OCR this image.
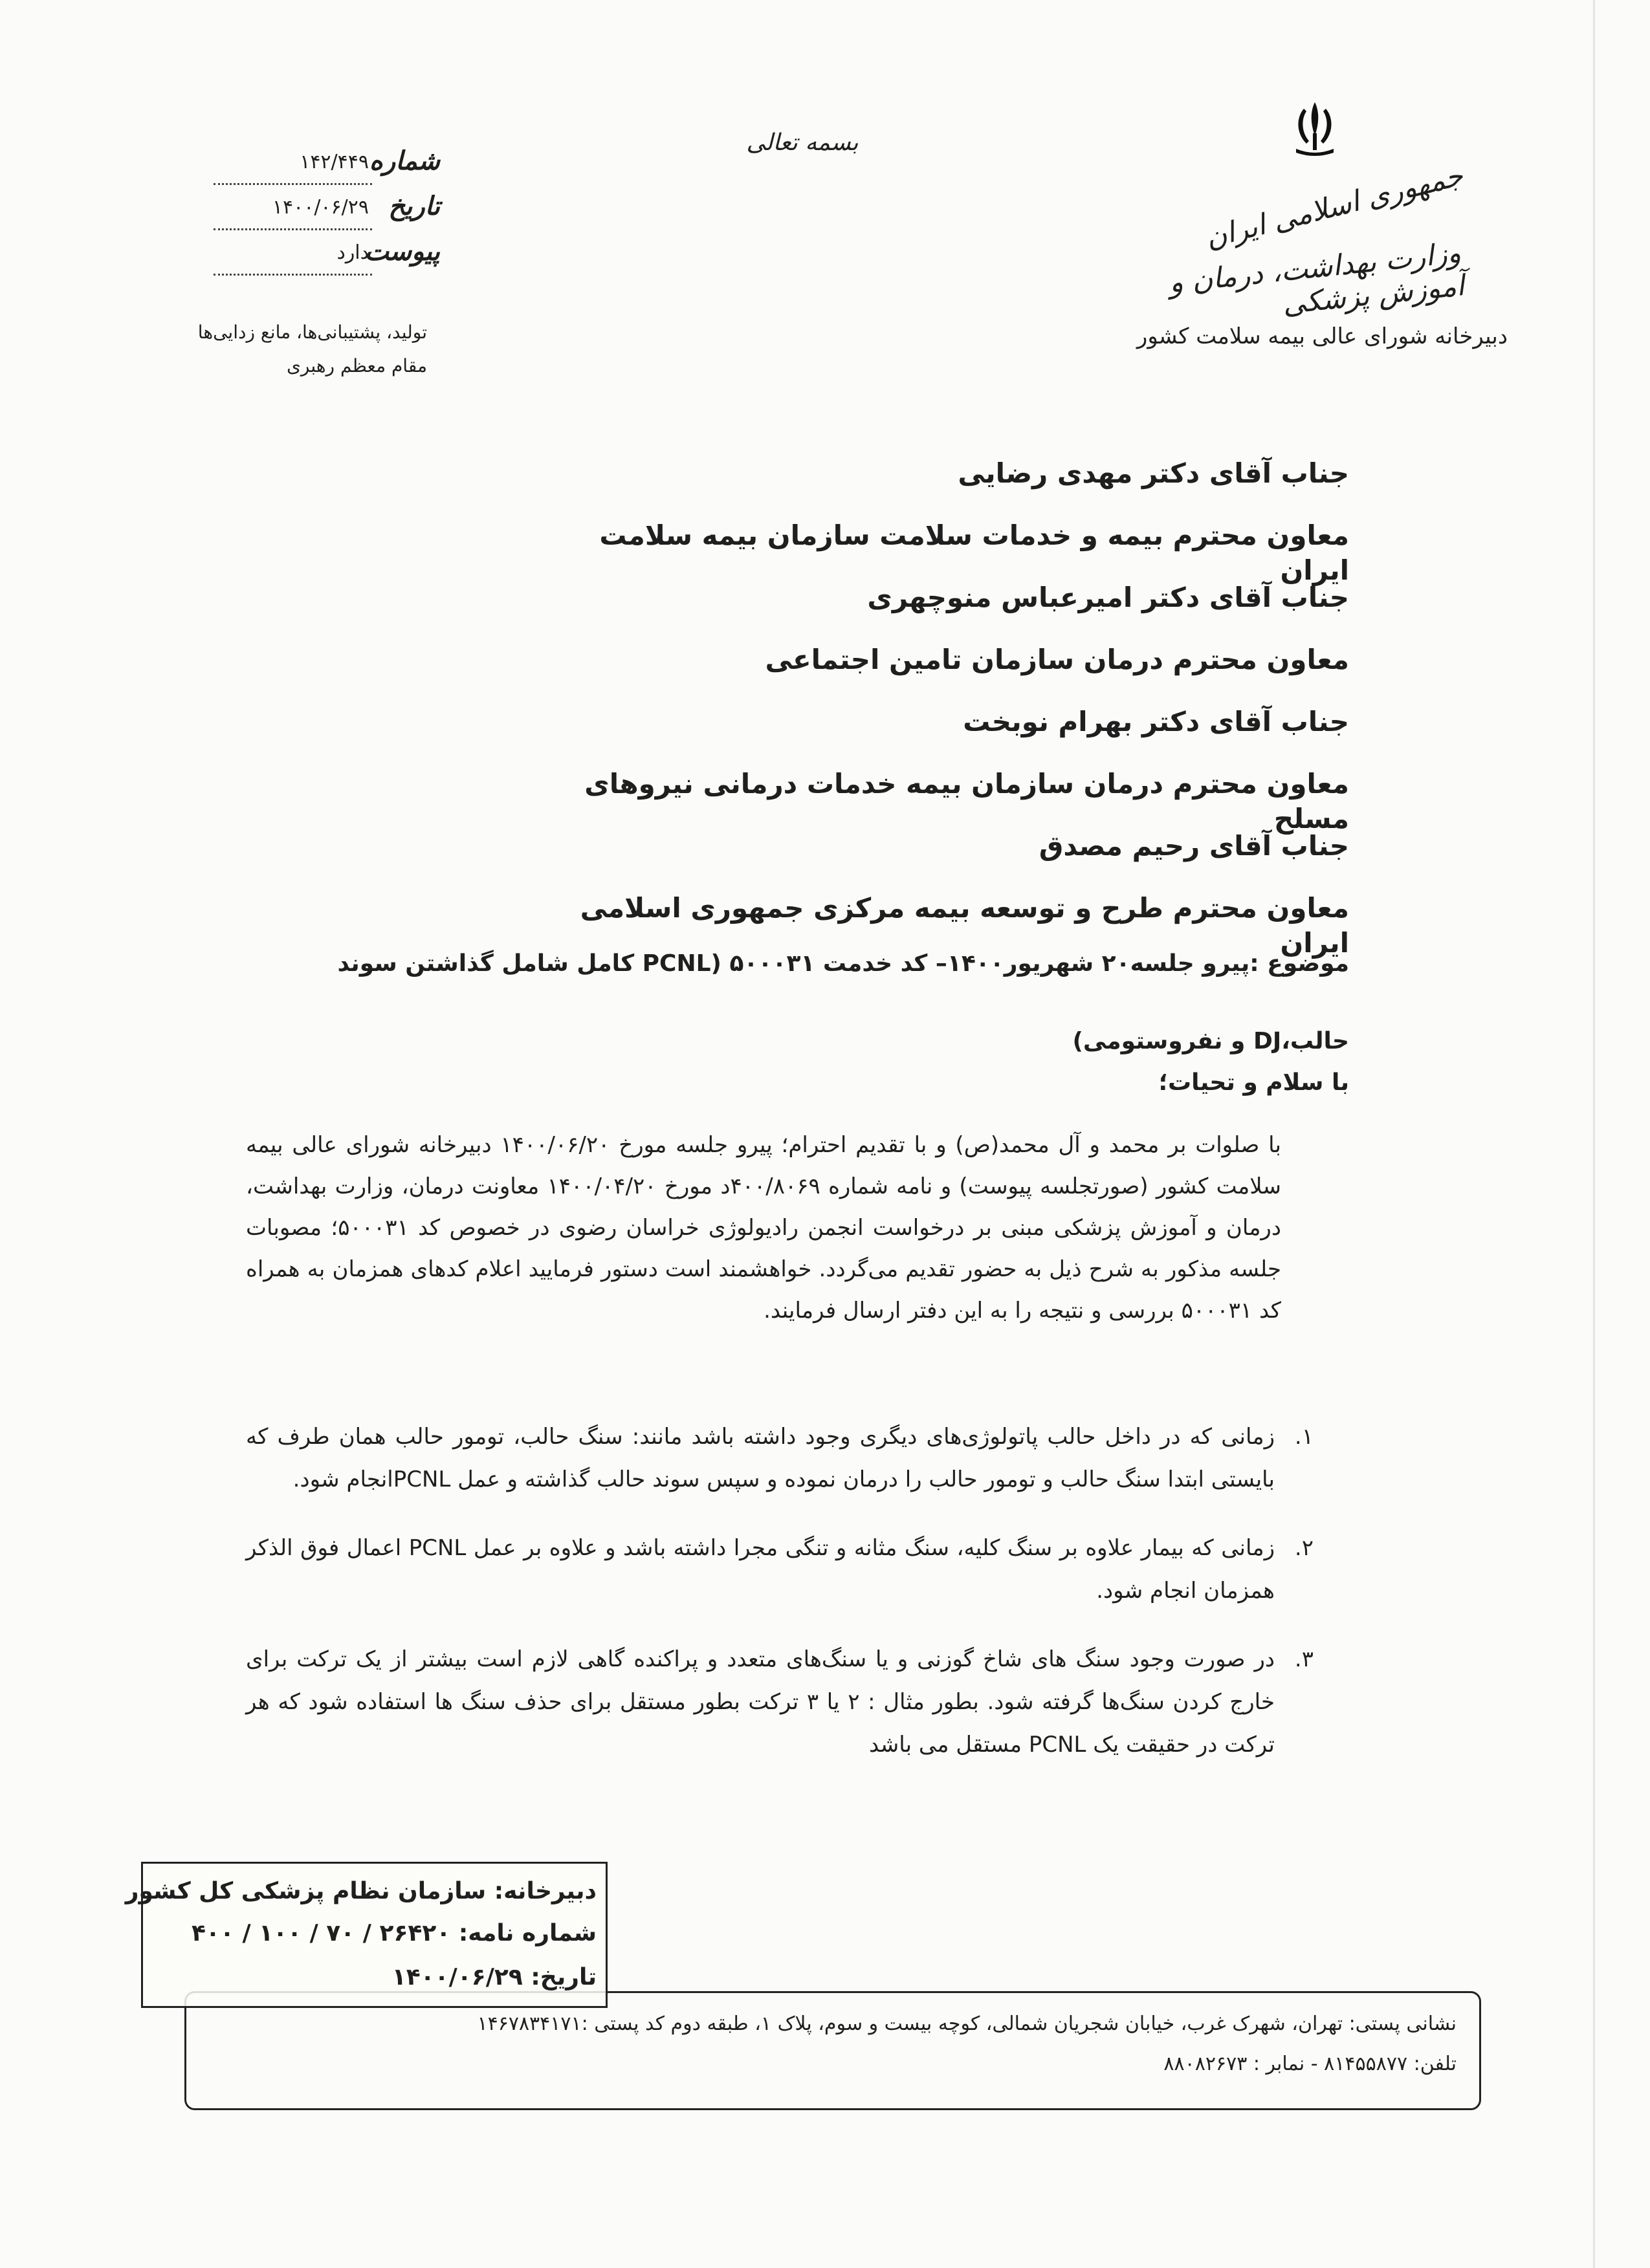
بسمه تعالی
جمهوری اسلامی ایران
وزارت بهداشت، درمان و آموزش پزشکی
دبیرخانه شورای عالی بیمه سلامت کشور
شماره
۱۴۲/۴۴۹
تاریخ
۱۴۰۰/۰۶/۲۹
پیوست
دارد
تولید، پشتیبانی‌ها، مانع زدایی‌ها
مقام معظم رهبری
جناب آقای دکتر مهدی رضایی
معاون محترم بیمه و خدمات سلامت سازمان بیمه سلامت ایران
جناب آقای دکتر امیرعباس منوچهری
معاون محترم درمان سازمان تامین اجتماعی
جناب آقای دکتر بهرام نوبخت
معاون محترم درمان سازمان بیمه خدمات درمانی نیروهای مسلح
جناب آقای رحیم مصدق
معاون محترم طرح و توسعه بیمه مرکزی جمهوری اسلامی ایران
موضوع :پیرو جلسه۲۰ شهریور۱۴۰۰– کد خدمت ۵۰۰۰۳۱ (PCNL کامل شامل گذاشتن سوند حالب،DJ و نفروستومی)
با سلام و تحیات؛
با صلوات بر محمد و آل محمد(ص) و با تقدیم احترام؛ پیرو جلسه مورخ ۱۴۰۰/۰۶/۲۰ دبیرخانه شورای عالی بیمه سلامت کشور (صورتجلسه پیوست) و نامه شماره ۴۰۰/۸۰۶۹د مورخ ۱۴۰۰/۰۴/۲۰ معاونت درمان، وزارت بهداشت، درمان و آموزش پزشکی مبنی بر درخواست انجمن رادیولوژی خراسان رضوی در خصوص کد ۵۰۰۰۳۱؛ مصوبات جلسه مذکور به شرح ذیل به حضور تقدیم می‌گردد. خواهشمند است دستور فرمایید اعلام کدهای همزمان به همراه کد ۵۰۰۰۳۱ بررسی و نتیجه را به این دفتر ارسال فرمایند.
۱.
زمانی که در داخل حالب پاتولوژی‌های دیگری وجود داشته باشد مانند: سنگ حالب، تومور حالب همان طرف که بایستی ابتدا سنگ حالب و تومور حالب را درمان نموده و سپس سوند حالب گذاشته و عمل PCNLانجام شود.
۲.
زمانی که بیمار علاوه بر سنگ کلیه، سنگ مثانه و تنگی مجرا داشته باشد و علاوه بر عمل PCNL اعمال فوق الذکر همزمان انجام شود.
۳.
در صورت وجود سنگ های شاخ گوزنی و یا سنگ‌های متعدد و پراکنده گاهی لازم است بیشتر از یک ترکت برای خارج کردن سنگ‌ها گرفته شود. بطور مثال : ۲ یا ۳ ترکت بطور مستقل برای حذف سنگ ها استفاده شود که هر ترکت در حقیقت یک PCNL مستقل می باشد
نشانی پستی: تهران، شهرک غرب، خیابان شجریان شمالی، کوچه بیست و سوم، پلاک ۱، طبقه دوم کد پستی :۱۴۶۷۸۳۴۱۷۱
تلفن: ۸۱۴۵۵۸۷۷ - نمابر : ۸۸۰۸۲۶۷۳
دبیرخانه: سازمان نظام پزشکی کل کشور
شماره نامه: ۲۶۴۲۰ / ۷۰ / ۱۰۰ / ۴۰۰
تاریخ: ۱۴۰۰/۰۶/۲۹
